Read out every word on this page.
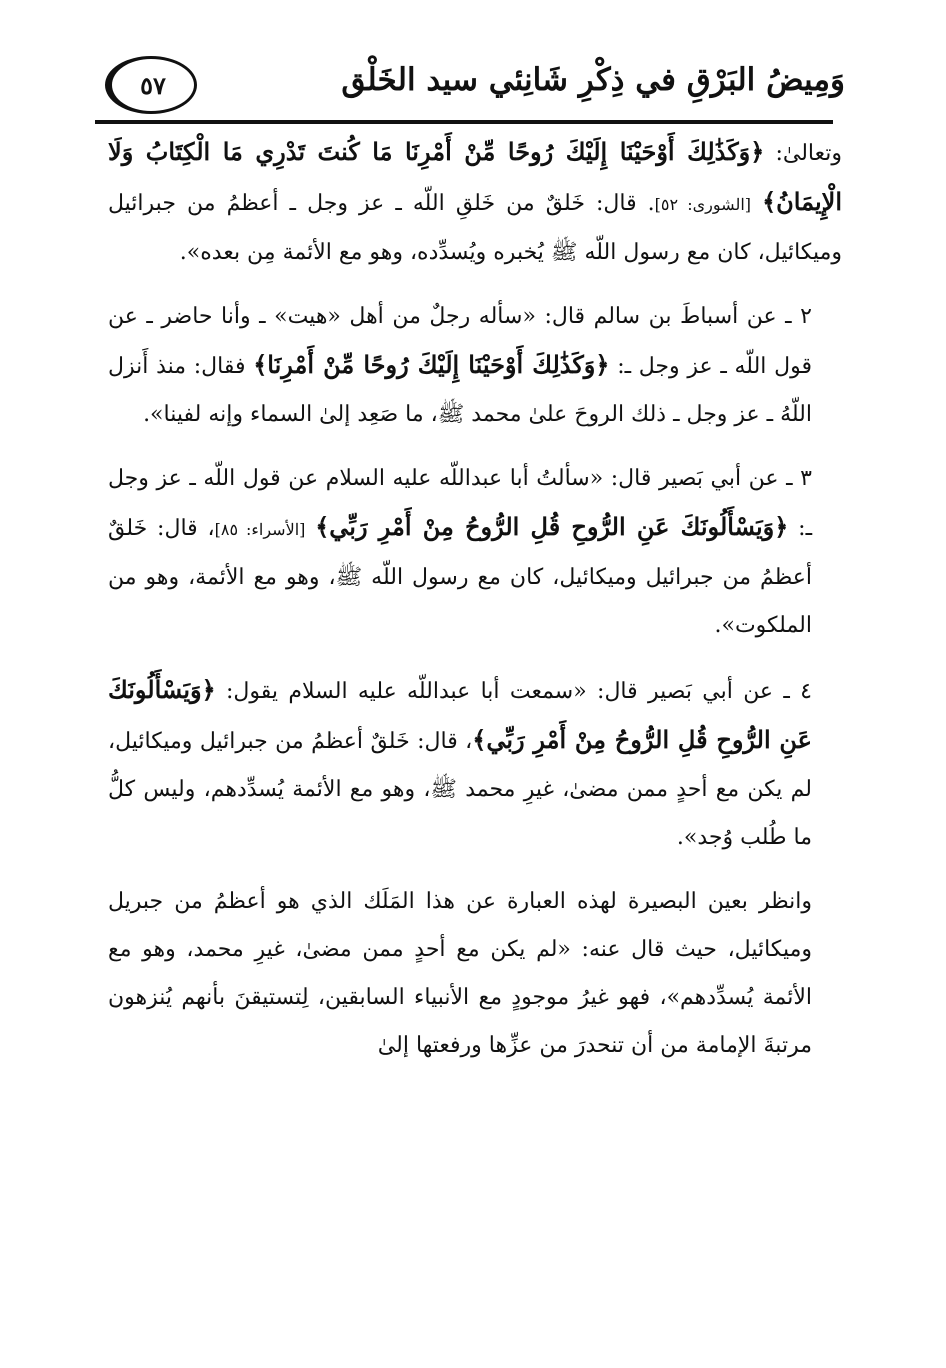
وَمِيضُ البَرْقِ في ذِكْرِ شَانِئي سيد الخَلْق
٥٧

وتعالىٰ: ﴿وَكَذَٰلِكَ أَوْحَيْنَا إِلَيْكَ رُوحًا مِّنْ أَمْرِنَا مَا كُنتَ تَدْرِي مَا الْكِتَابُ وَلَا الْإِيمَانُ﴾ [الشورى: ٥٢]. قال: خَلقٌ من خَلقِ اللّه ـ عز وجل ـ أعظمُ من جبرائيل وميكائيل، كان مع رسول اللّه ﷺ يُخبره ويُسدِّده، وهو مع الأئمة مِن بعده».

٢ ـ عن أسباطَ بن سالم قال: «سأله رجلٌ من أهل «هيت» ـ وأنا حاضر ـ عن قول اللّه ـ عز وجل ـ: ﴿وَكَذَٰلِكَ أَوْحَيْنَا إِلَيْكَ رُوحًا مِّنْ أَمْرِنَا﴾ فقال: منذ أَنزل اللّهُ ـ عز وجل ـ ذلك الروحَ علىٰ محمد ﷺ، ما صَعِد إلىٰ السماء وإنه لفينا».

٣ ـ عن أبي بَصير قال: «سألتُ أبا عبداللّه عليه السلام عن قول اللّه ـ عز وجل ـ: ﴿وَيَسْأَلُونَكَ عَنِ الرُّوحِ قُلِ الرُّوحُ مِنْ أَمْرِ رَبِّي﴾ [الأسراء: ٨٥]، قال: خَلقٌ أعظمُ من جبرائيل وميكائيل، كان مع رسول اللّه ﷺ، وهو مع الأئمة، وهو من الملكوت».

٤ ـ عن أبي بَصير قال: «سمعت أبا عبداللّه عليه السلام يقول: ﴿وَيَسْأَلُونَكَ عَنِ الرُّوحِ قُلِ الرُّوحُ مِنْ أَمْرِ رَبِّي﴾، قال: خَلقٌ أعظمُ من جبرائيل وميكائيل، لم يكن مع أحدٍ ممن مضىٰ، غيرِ محمد ﷺ، وهو مع الأئمة يُسدِّدهم، وليس كلُّ ما طُلب وُجد».

وانظر بعين البصيرة لهذه العبارة عن هذا المَلَك الذي هو أعظمُ من جبريل وميكائيل، حيث قال عنه: «لم يكن مع أحدٍ ممن مضىٰ، غيرِ محمد، وهو مع الأئمة يُسدِّدهم»، فهو غيرُ موجودٍ مع الأنبياء السابقين، لِتستيقنَ بأنهم يُنزهون مرتبةَ الإمامة من أن تنحدرَ من عزِّها ورفعتها إلىٰ
